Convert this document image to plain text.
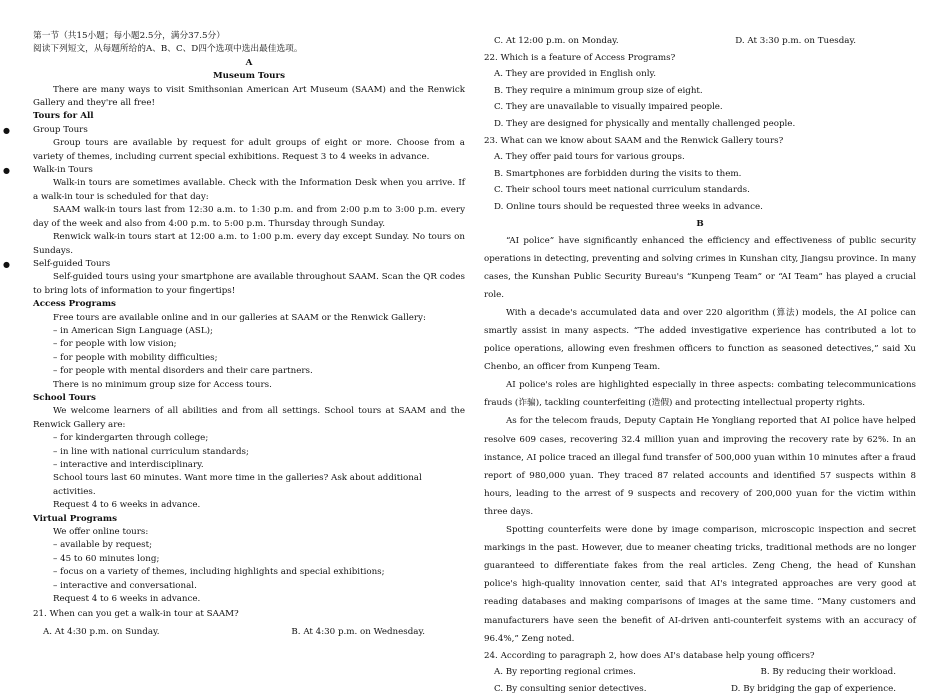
第一节（共15小题；每小题2.5分，满分37.5分）

阅读下列短文，从每题所给的A、B、C、D四个选项中选出最佳选项。

A

Museum Tours

There are many ways to visit Smithsonian American Art Museum (SAAM) and the Renwick Gallery and they're all free!

Tours for All

● Group Tours

Group tours are available by request for adult groups of eight or more. Choose from a variety of themes, including current special exhibitions. Request 3 to 4 weeks in advance.

● Walk-in Tours

Walk-in tours are sometimes available. Check with the Information Desk when you arrive. If a walk-in tour is scheduled for that day:

SAAM walk-in tours last from 12:30 a.m. to 1:30 p.m. and from 2:00 p.m to 3:00 p.m. every day of the week and also from 4:00 p.m. to 5:00 p.m. Thursday through Sunday.

Renwick walk-in tours start at 12:00 a.m. to 1:00 p.m. every day except Sunday. No tours on Sundays.

● Self-guided Tours

Self-guided tours using your smartphone are available throughout SAAM. Scan the QR codes to bring lots of information to your fingertips!

Access Programs

Free tours are available online and in our galleries at SAAM or the Renwick Gallery:

– in American Sign Language (ASL);

– for people with low vision;

– for people with mobility difficulties;

– for people with mental disorders and their care partners.

There is no minimum group size for Access tours.

School Tours

We welcome learners of all abilities and from all settings. School tours at SAAM and the Renwick Gallery are:

– for kindergarten through college;

– in line with national curriculum standards;

– interactive and interdisciplinary.

School tours last 60 minutes. Want more time in the galleries? Ask about additional activities.

Request 4 to 6 weeks in advance.

Virtual Programs

We offer online tours:

– available by request;

– 45 to 60 minutes long;

– focus on a variety of themes, including highlights and special exhibitions;

– interactive and conversational.

Request 4 to 6 weeks in advance.

21. When can you get a walk-in tour at SAAM?

A. At 4:30 p.m. on Sunday.	B. At 4:30 p.m. on Wednesday.
C. At 12:00 p.m. on Monday.	D. At 3:30 p.m. on Tuesday.

22. Which is a feature of Access Programs?

A. They are provided in English only.

B. They require a minimum group size of eight.

C. They are unavailable to visually impaired people.

D. They are designed for physically and mentally challenged people.

23. What can we know about SAAM and the Renwick Gallery tours?

A. They offer paid tours for various groups.

B. Smartphones are forbidden during the visits to them.

C. Their school tours meet national curriculum standards.

D. Online tours should be requested three weeks in advance.

B

“AI police” have significantly enhanced the efficiency and effectiveness of public security operations in detecting, preventing and solving crimes in Kunshan city, Jiangsu province. In many cases, the Kunshan Public Security Bureau's “Kunpeng Team” or “AI Team” has played a crucial role.

With a decade's accumulated data and over 220 algorithm (算法) models, the AI police can smartly assist in many aspects. “The added investigative experience has contributed a lot to police operations, allowing even freshmen officers to function as seasoned detectives,” said Xu Chenbo, an officer from Kunpeng Team.

AI police's roles are highlighted especially in three aspects: combating telecommunications frauds (诈骗), tackling counterfeiting (造假) and protecting intellectual property rights.

As for the telecom frauds, Deputy Captain He Yongliang reported that AI police have helped resolve 609 cases, recovering 32.4 million yuan and improving the recovery rate by 62%. In an instance, AI police traced an illegal fund transfer of 500,000 yuan within 10 minutes after a fraud report of 980,000 yuan. They traced 87 related accounts and identified 57 suspects within 8 hours, leading to the arrest of 9 suspects and recovery of 200,000 yuan for the victim within three days.

Spotting counterfeits were done by image comparison, microscopic inspection and secret markings in the past. However, due to meaner cheating tricks, traditional methods are no longer guaranteed to differentiate fakes from the real articles. Zeng Cheng, the head of Kunshan police's high-quality innovation center, said that AI's integrated approaches are very good at reading databases and making comparisons of images at the same time. “Many customers and manufacturers have seen the benefit of AI-driven anti-counterfeit systems with an accuracy of 96.4%,” Zeng noted.

24. According to paragraph 2, how does AI's database help young officers?

A. By reporting regional crimes.	B. By reducing their workload.
C. By consulting senior detectives.	D. By bridging the gap of experience.
